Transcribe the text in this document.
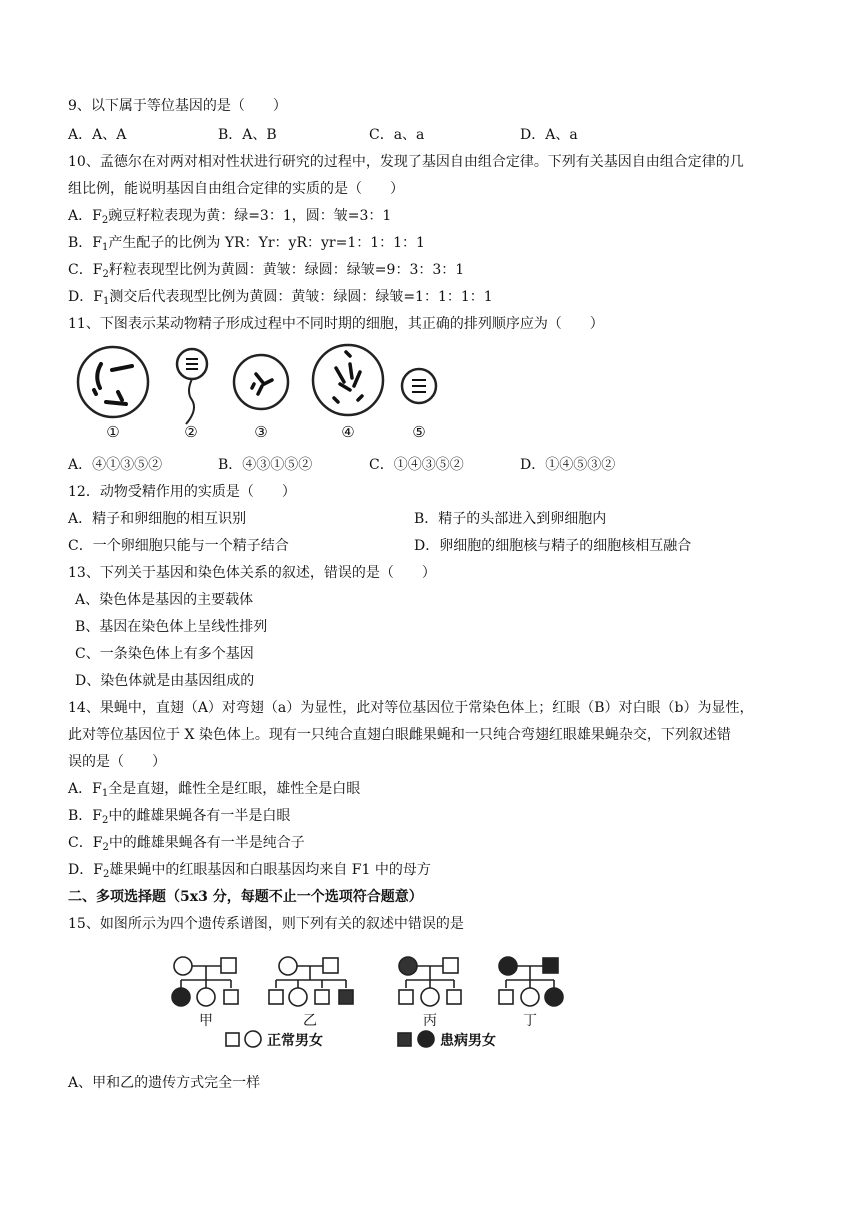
9、以下属于等位基因的是（　　）
A．A、A	B．A、B	C．a、a	D．A、a
10、孟德尔在对两对相对性状进行研究的过程中，发现了基因自由组合定律。下列有关基因自由组合定律的几
组比例，能说明基因自由组合定律的实质的是（　　）
A．$F_2$豌豆籽粒表现为黄：绿=3：1，圆：皱=3：1
B．$F_1$产生配子的比例为 YR：Yr：yR：yr=1：1：1：1
C．$F_2$籽粒表现型比例为黄圆：黄皱：绿圆：绿皱=9：3：3：1
D．$F_1$测交后代表现型比例为黄圆：黄皱：绿圆：绿皱=1：1：1：1
11、下图表示某动物精子形成过程中不同时期的细胞，其正确的排列顺序应为（　　）
①	②	③	④	⑤
A．④①③⑤②	B．④③①⑤②	C．①④③⑤②	D．①④⑤③②
12．动物受精作用的实质是（　　）
A．精子和卵细胞的相互识别	B．精子的头部进入到卵细胞内
C．一个卵细胞只能与一个精子结合	D．卵细胞的细胞核与精子的细胞核相互融合
13、下列关于基因和染色体关系的叙述，错误的是（　　）
A、染色体是基因的主要载体
B、基因在染色体上呈线性排列
C、一条染色体上有多个基因
D、染色体就是由基因组成的
14、果蝇中，直翅（A）对弯翅（a）为显性，此对等位基因位于常染色体上；红眼（B）对白眼（b）为显性，
此对等位基因位于 X 染色体上。现有一只纯合直翅白眼雌果蝇和一只纯合弯翅红眼雄果蝇杂交，下列叙述错
误的是（　　）
A．$F_1$全是直翅，雌性全是红眼，雄性全是白眼
B．$F_2$中的雌雄果蝇各有一半是白眼
C．$F_2$中的雌雄果蝇各有一半是纯合子
D．$F_2$雄果蝇中的红眼基因和白眼基因均来自 F1 中的母方
二、多项选择题（5x3 分，每题不止一个选项符合题意）
15、如图所示为四个遗传系谱图，则下列有关的叙述中错误的是
甲	乙	丙	丁
正常男女	患病男女
A、甲和乙的遗传方式完全一样
